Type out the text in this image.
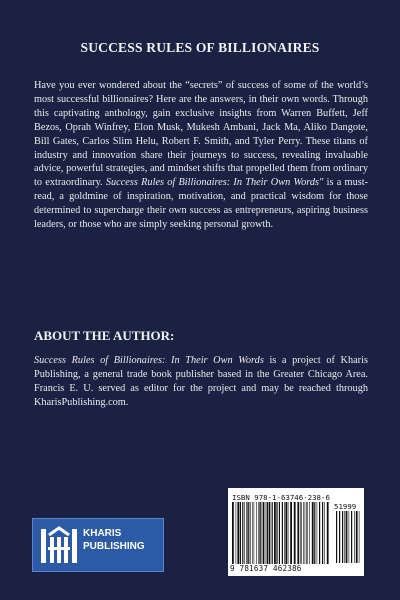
SUCCESS RULES OF BILLIONAIRES

Have you ever wondered about the “secrets” of success of some of the world’s most successful billionaires? Here are the answers, in their own words. Through this captivating anthology, gain exclusive insights from Warren Buffett, Jeff Bezos, Oprah Winfrey, Elon Musk, Mukesh Ambani, Jack Ma, Aliko Dangote, Bill Gates, Carlos Slim Helu, Robert F. Smith, and Tyler Perry. These titans of industry and innovation share their journeys to success, revealing invaluable advice, powerful strategies, and mindset shifts that propelled them from ordinary to extraordinary. Success Rules of Billionaires: In Their Own Words" is a must-read, a goldmine of inspiration, motivation, and practical wisdom for those determined to supercharge their own success as entrepreneurs, aspiring business leaders, or those who are simply seeking personal growth.

ABOUT THE AUTHOR:

Success Rules of Billionaires: In Their Own Words is a project of Kharis Publishing, a general trade book publisher based in the Greater Chicago Area. Francis E. U. served as editor for the project and may be reached through KharisPublishing.com.

KHARIS
PUBLISHING
ISBN 978-1-63746-238-6
51999
9 781637 462386
